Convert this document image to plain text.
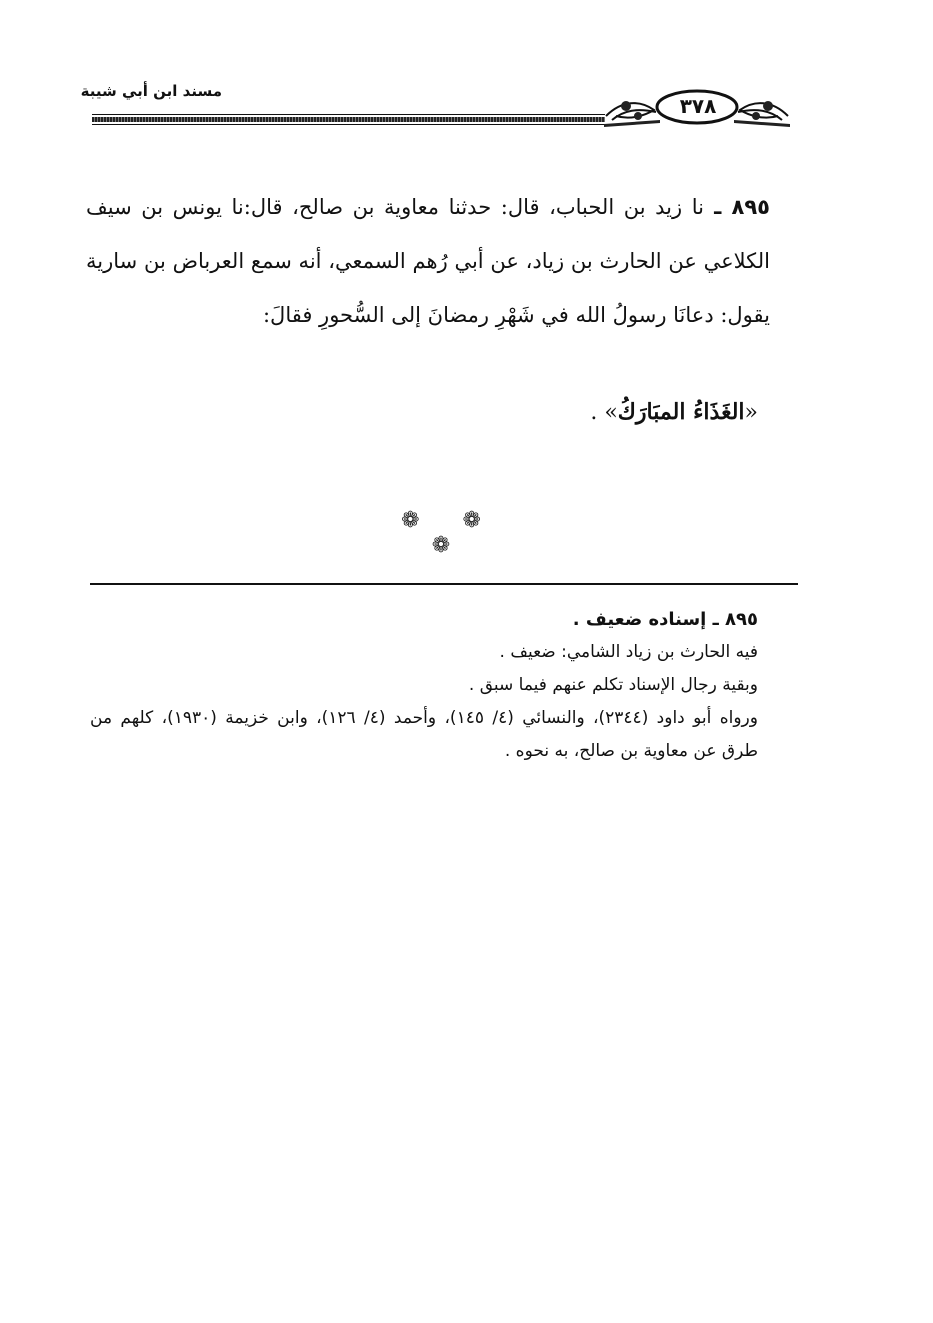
مسند ابن أبي شيبة
٣٧٨

٨٩٥ ـ نا زيد بن الحباب، قال: حدثنا معاوية بن صالح، قال:نا يونس بن سيف الكلاعي عن الحارث بن زياد، عن أبي رُهم السمعي، أنه سمع العرباض بن سارية يقول: دعانَا رسولُ الله في شَهْرِ رمضانَ إلى السُّحورِ فقالَ:

«الغَذَاءُ المبَارَكُ» .
❁ ❁ ❁

٨٩٥ ـ إسناده ضعيف .

فيه الحارث بن زياد الشامي: ضعيف .

وبقية رجال الإسناد تكلم عنهم فيما سبق .

ورواه أبو داود (٢٣٤٤)، والنسائي (٤/ ١٤٥)، وأحمد (٤/ ١٢٦)، وابن خزيمة (١٩٣٠)، كلهم من طرق عن معاوية بن صالح، به نحوه .
